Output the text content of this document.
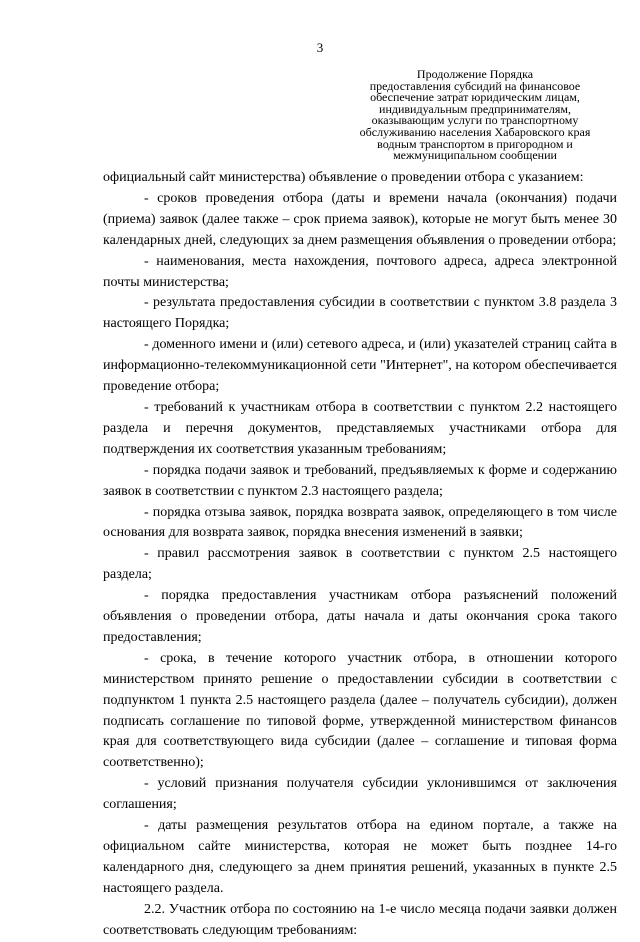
3
Продолжение Порядка
предоставления субсидий на финансовое
обеспечение затрат юридическим лицам,
индивидуальным предпринимателям,
оказывающим услуги по транспортному
обслуживанию населения Хабаровского края
водным транспортом в пригородном и
межмуниципальном сообщении

официальный сайт министерства) объявление о проведении отбора с указанием:

- сроков проведения отбора (даты и времени начала (окончания) подачи (приема) заявок (далее также – срок приема заявок), которые не могут быть менее 30 календарных дней, следующих за днем размещения объявления о проведении отбора;

- наименования, места нахождения, почтового адреса, адреса электронной почты министерства;

- результата предоставления субсидии в соответствии с пунктом 3.8 раздела 3 настоящего Порядка;

- доменного имени и (или) сетевого адреса, и (или) указателей страниц сайта в информационно-телекоммуникационной сети "Интернет", на котором обеспечивается проведение отбора;

- требований к участникам отбора в соответствии с пунктом 2.2 настоящего раздела и перечня документов, представляемых участниками отбора для подтверждения их соответствия указанным требованиям;

- порядка подачи заявок и требований, предъявляемых к форме и содержанию заявок в соответствии с пунктом 2.3 настоящего раздела;

- порядка отзыва заявок, порядка возврата заявок, определяющего в том числе основания для возврата заявок, порядка внесения изменений в заявки;

- правил рассмотрения заявок в соответствии с пунктом 2.5 настоящего раздела;

- порядка предоставления участникам отбора разъяснений положений объявления о проведении отбора, даты начала и даты окончания срока такого предоставления;

- срока, в течение которого участник отбора, в отношении которого министерством принято решение о предоставлении субсидии в соответствии с подпунктом 1 пункта 2.5 настоящего раздела (далее – получатель субсидии), должен подписать соглашение по типовой форме, утвержденной министерством финансов края для соответствующего вида субсидии (далее – соглашение и типовая форма соответственно);

- условий признания получателя субсидии уклонившимся от заключения соглашения;

- даты размещения результатов отбора на едином портале, а также на официальном сайте министерства, которая не может быть позднее 14-го календарного дня, следующего за днем принятия решений, указанных в пункте 2.5 настоящего раздела.

2.2. Участник отбора по состоянию на 1-е число месяца подачи заявки должен соответствовать следующим требованиям:
